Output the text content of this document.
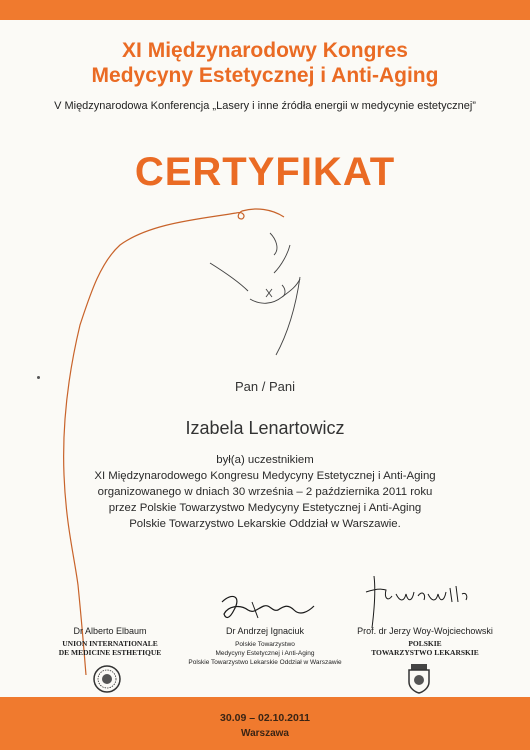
XI Międzynarodowy Kongres
Medycyny Estetycznej i Anti-Aging
V Międzynarodowa Konferencja „Lasery i inne źródła energii w medycynie estetycznej”
CERTYFIKAT
Pan / Pani
Izabela Lenartowicz
był(a) uczestnikiem
XI Międzynarodowego Kongresu Medycyny Estetycznej i Anti-Aging
organizowanego w dniach 30 września – 2 października 2011 roku
przez Polskie Towarzystwo Medycyny Estetycznej i Anti-Aging
Polskie Towarzystwo Lekarskie Oddział w Warszawie.
Dr Alberto Elbaum
UNION INTERNATIONALE
DE MEDICINE ESTHETIQUE
Dr Andrzej Ignaciuk
Polskie Towarzystwo
Medycyny Estetycznej i Anti-Aging
Polskie Towarzystwo Lekarskie Oddział w Warszawie
Prof. dr Jerzy Woy-Wojciechowski
POLSKIE
TOWARZYSTWO LEKARSKIE
30.09 – 02.10.2011
Warszawa
